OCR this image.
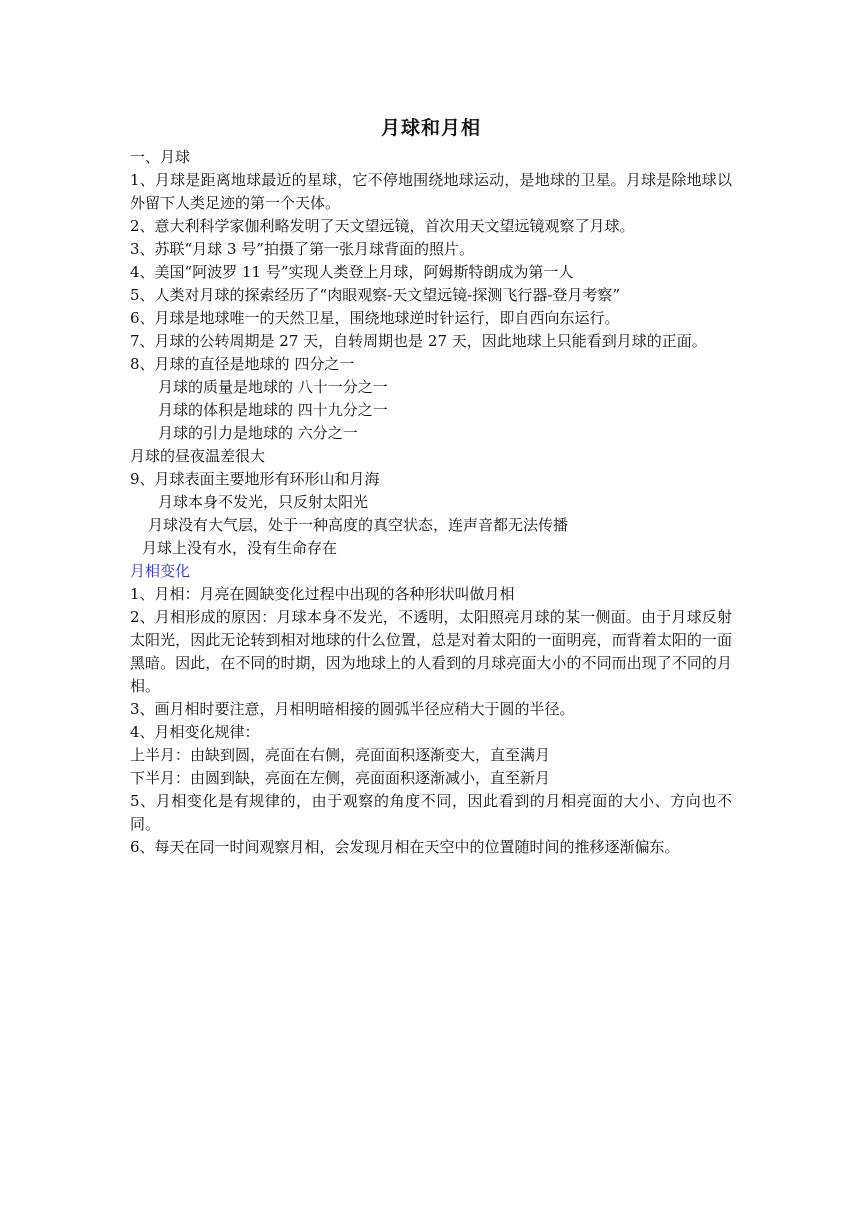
月球和月相
一、月球
1、月球是距离地球最近的星球，它不停地围绕地球运动，是地球的卫星。月球是除地球以外留下人类足迹的第一个天体。
2、意大利科学家伽利略发明了天文望远镜，首次用天文望远镜观察了月球。
3、苏联“月球 3 号”拍摄了第一张月球背面的照片。
4、美国“阿波罗 11 号”实现人类登上月球，阿姆斯特朗成为第一人
5、人类对月球的探索经历了“肉眼观察-天文望远镜-探测飞行器-登月考察”
6、月球是地球唯一的天然卫星，围绕地球逆时针运行，即自西向东运行。
7、月球的公转周期是 27 天，自转周期也是 27 天，因此地球上只能看到月球的正面。
8、月球的直径是地球的 四分之一
月球的质量是地球的 八十一分之一
月球的体积是地球的 四十九分之一
月球的引力是地球的 六分之一
月球的昼夜温差很大
9、月球表面主要地形有环形山和月海
月球本身不发光，只反射太阳光
月球没有大气层，处于一种高度的真空状态，连声音都无法传播
月球上没有水，没有生命存在
月相变化
1、月相：月亮在圆缺变化过程中出现的各种形状叫做月相
2、月相形成的原因：月球本身不发光，不透明，太阳照亮月球的某一侧面。由于月球反射太阳光，因此无论转到相对地球的什么位置，总是对着太阳的一面明亮，而背着太阳的一面黑暗。因此，在不同的时期，因为地球上的人看到的月球亮面大小的不同而出现了不同的月相。
3、画月相时要注意，月相明暗相接的圆弧半径应稍大于圆的半径。
4、月相变化规律：
上半月：由缺到圆，亮面在右侧，亮面面积逐渐变大，直至满月
下半月：由圆到缺，亮面在左侧，亮面面积逐渐减小，直至新月
5、月相变化是有规律的，由于观察的角度不同，因此看到的月相亮面的大小、方向也不同。
6、每天在同一时间观察月相，会发现月相在天空中的位置随时间的推移逐渐偏东。
